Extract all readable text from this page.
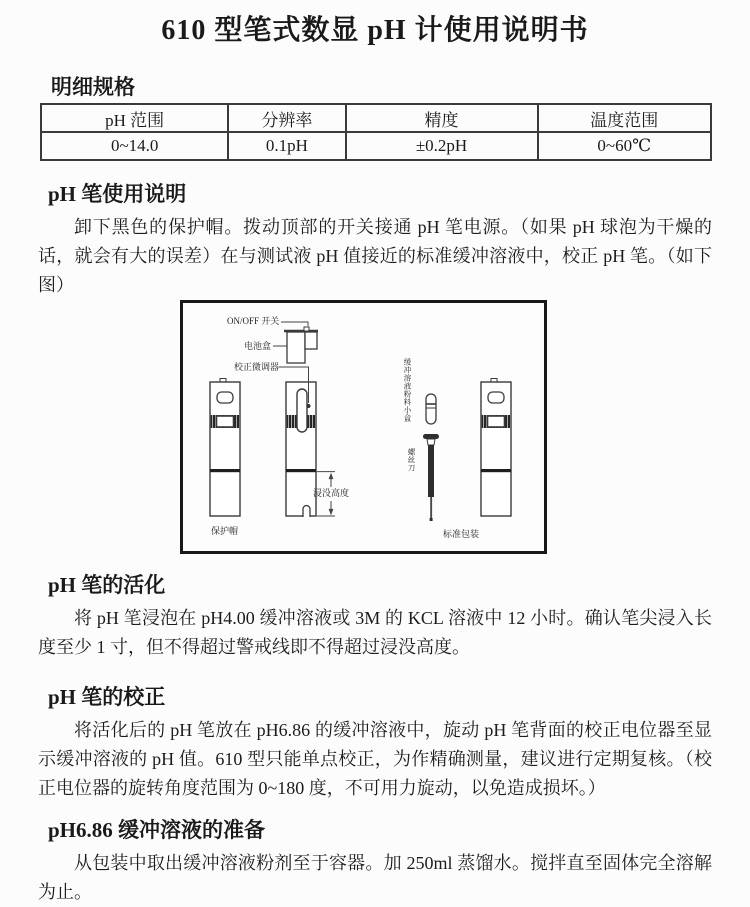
610 型笔式数显 pH 计使用说明书
明细规格
pH 范围	分辨率	精度	温度范围
0~14.0	0.1pH	±0.2pH	0~60℃
pH 笔使用说明

卸下黑色的保护帽。拨动顶部的开关接通 pH 笔电源。（如果 pH 球泡为干燥的话，就会有大的误差）在与测试液 pH 值接近的标准缓冲溶液中，校正 pH 笔。（如下图）

ON/OFF 开关
电池盒
校正微调器
保护帽
浸没高度
缓冲溶液粉料小盒
螺丝刀
标准包装
pH 笔的活化

将 pH 笔浸泡在 pH4.00 缓冲溶液或 3M 的 KCL 溶液中 12 小时。确认笔尖浸入长度至少 1 寸，但不得超过警戒线即不得超过浸没高度。

pH 笔的校正

将活化后的 pH 笔放在 pH6.86 的缓冲溶液中，旋动 pH 笔背面的校正电位器至显示缓冲溶液的 pH 值。610 型只能单点校正，为作精确测量，建议进行定期复核。（校正电位器的旋转角度范围为 0~180 度，不可用力旋动，以免造成损坏。）

pH6.86 缓冲溶液的准备

从包装中取出缓冲溶液粉剂至于容器。加 250ml 蒸馏水。搅拌直至固体完全溶解为止。
